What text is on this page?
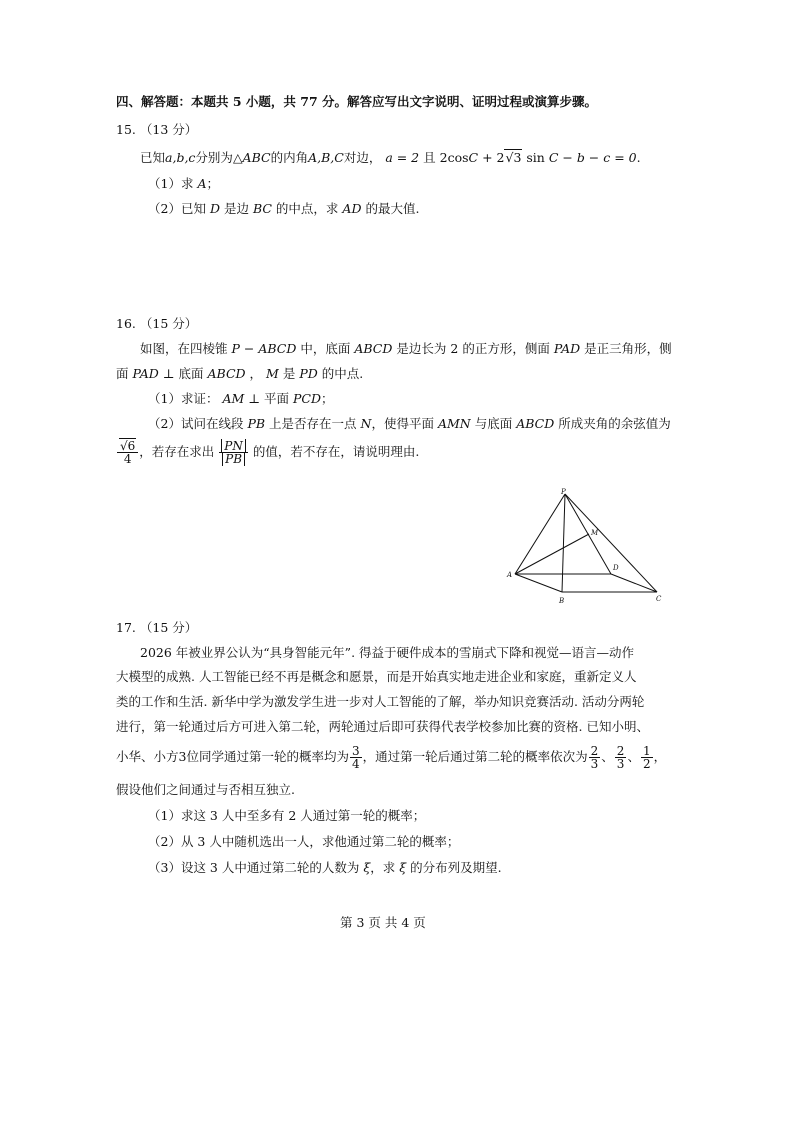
四、解答题：本题共 5 小题，共 77 分。解答应写出文字说明、证明过程或演算步骤。
15. （13 分）
已知a,b,c分别为△ABC的内角A,B,C对边， a = 2 且 2cosC + 2√3 sin C − b − c = 0.
（1）求 A；
（2）已知 D 是边 BC 的中点，求 AD 的最大值.
16. （15 分）
如图，在四棱锥 P − ABCD 中，底面 ABCD 是边长为 2 的正方形，侧面 PAD 是正三角形，侧
面 PAD ⊥ 底面 ABCD ， M 是 PD 的中点.
（1）求证： AM ⊥ 平面 PCD；
（2）试问在线段 PB 上是否存在一点 N，使得平面 AMN 与底面 ABCD 所成夹角的余弦值为
$\frac{√6}{4}$ ，若存在求出 $\frac{PN}{PB}$ 的值，若不存在，请说明理由.
P
M
A
D
B	C
17. （15 分）
2026 年被业界公认为“具身智能元年”. 得益于硬件成本的雪崩式下降和视觉—语言—动作
大模型的成熟. 人工智能已经不再是概念和愿景，而是开始真实地走进企业和家庭，重新定义人
类的工作和生活. 新华中学为激发学生进一步对人工智能的了解，举办知识竞赛活动. 活动分两轮
进行，第一轮通过后方可进入第二轮，两轮通过后即可获得代表学校参加比赛的资格. 已知小明、
小华、小方3位同学通过第一轮的概率均为 $\frac{3}{4}$ ，通过第一轮后通过第二轮的概率依次为 $\frac{2}{3}$ 、 $\frac{2}{3}$ 、 $\frac{1}{2}$ ，
假设他们之间通过与否相互独立.
（1）求这 3 人中至多有 2 人通过第一轮的概率；
（2）从 3 人中随机选出一人，求他通过第二轮的概率；
（3）设这 3 人中通过第二轮的人数为 ξ，求 ξ 的分布列及期望.
第 3 页 共 4 页
